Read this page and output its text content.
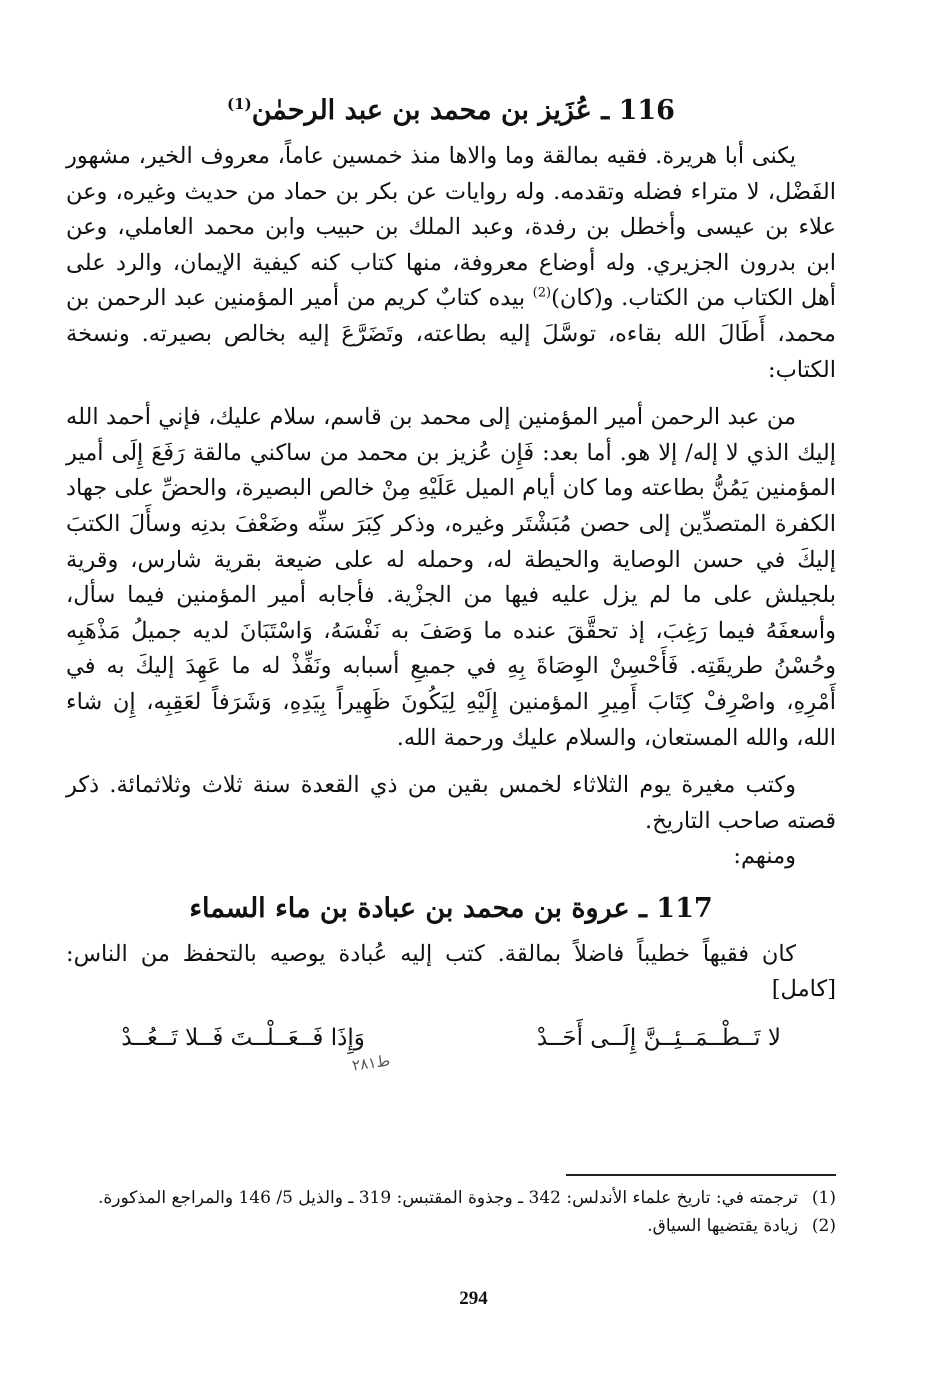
116 ـ عُزَيز بن محمد بن عبد الرحمٰن$^{(1)}$

يكنى أبا هريرة. فقيه بمالقة وما والاها منذ خمسين عاماً، معروف الخير، مشهور الفَضْل، لا متراء فضله وتقدمه. وله روايات عن بكر بن حماد من حديث وغيره، وعن علاء بن عيسى وأخطل بن رفدة، وعبد الملك بن حبيب وابن محمد العاملي، وعن ابن بدرون الجزيري. وله أوضاع معروفة، منها كتاب كنه كيفية الإيمان، والرد على أهل الكتاب من الكتاب. و(كان)$^{(2)}$ بيده كتابٌ كريم من أمير المؤمنين عبد الرحمن بن محمد، أَطَالَ الله بقاءه، توسَّلَ إليه بطاعته، وتَضَرَّعَ إليه بخالص بصيرته. ونسخة الكتاب:

من عبد الرحمن أمير المؤمنين إلى محمد بن قاسم، سلام عليك، فإني أحمد الله إليك الذي لا إله/ إلا هو. أما بعد: فَإِن عُزيز بن محمد من ساكني مالقة رَفَعَ إِلَى أمير المؤمنين يَمُنُّ بطاعته وما كان أيام الميل عَلَيْهِ مِنْ خالص البصيرة، والحضِّ على جهاد الكفرة المتصدِّين إلى حصن مُبَشْتَر وغيره، وذكر كِبَرَ سنِّه وضَعْفَ بدنِه وسأَلَ الكتبَ إليكَ في حسن الوصاية والحيطة له، وحمله له على ضيعة بقرية شارس، وقرية بلجيلش على ما لم يزل عليه فيها من الجزْية. فأجابه أمير المؤمنين فيما سأل، وأسعفَهُ فيما رَغِبَ، إذ تحقَّقَ عنده ما وَصَفَ به نَفْسَهُ، وَاسْتَبَانَ لديه جميلُ مَذْهَبِه وحُسْنُ طريقَتِه. فَأَحْسِنْ الوِصَاةَ بِهِ في جميعِ أسبابه ونَفِّذْ له ما عَهِدَ إليكَ به في أَمْرِهِ، واصْرِفْ كِتَابَ أَمِيرِ المؤمنين إِلَيْهِ لِيَكُونَ ظَهِيراً بِيَدِهِ، وَشَرَفاً لعَقِبِه، إِن شاء الله، والله المستعان، والسلام عليك ورحمة الله.

وكتب مغيرة يوم الثلاثاء لخمس بقين من ذي القعدة سنة ثلاث وثلاثمائة. ذكر قصته صاحب التاريخ.

ومنهم:

117 ـ عروة بن محمد بن عبادة بن ماء السماء

كان فقيهاً خطيباً فاضلاً بمالقة. كتب إليه عُبادة يوصيه بالتحفظ من الناس: [كامل]

لا تَــطْــمَــئِــنَّ إِلَــى أَحَــدْ
وَإِذَا فَــعَــلْــتَ فَــلا تَــعُــدْ
ط٢٨١
(1)
ترجمته في: تاريخ علماء الأندلس: 342 ـ وجذوة المقتبس: 319 ـ والذيل 5/ 146 والمراجع المذكورة.
(2)
زيادة يقتضيها السياق.
294
